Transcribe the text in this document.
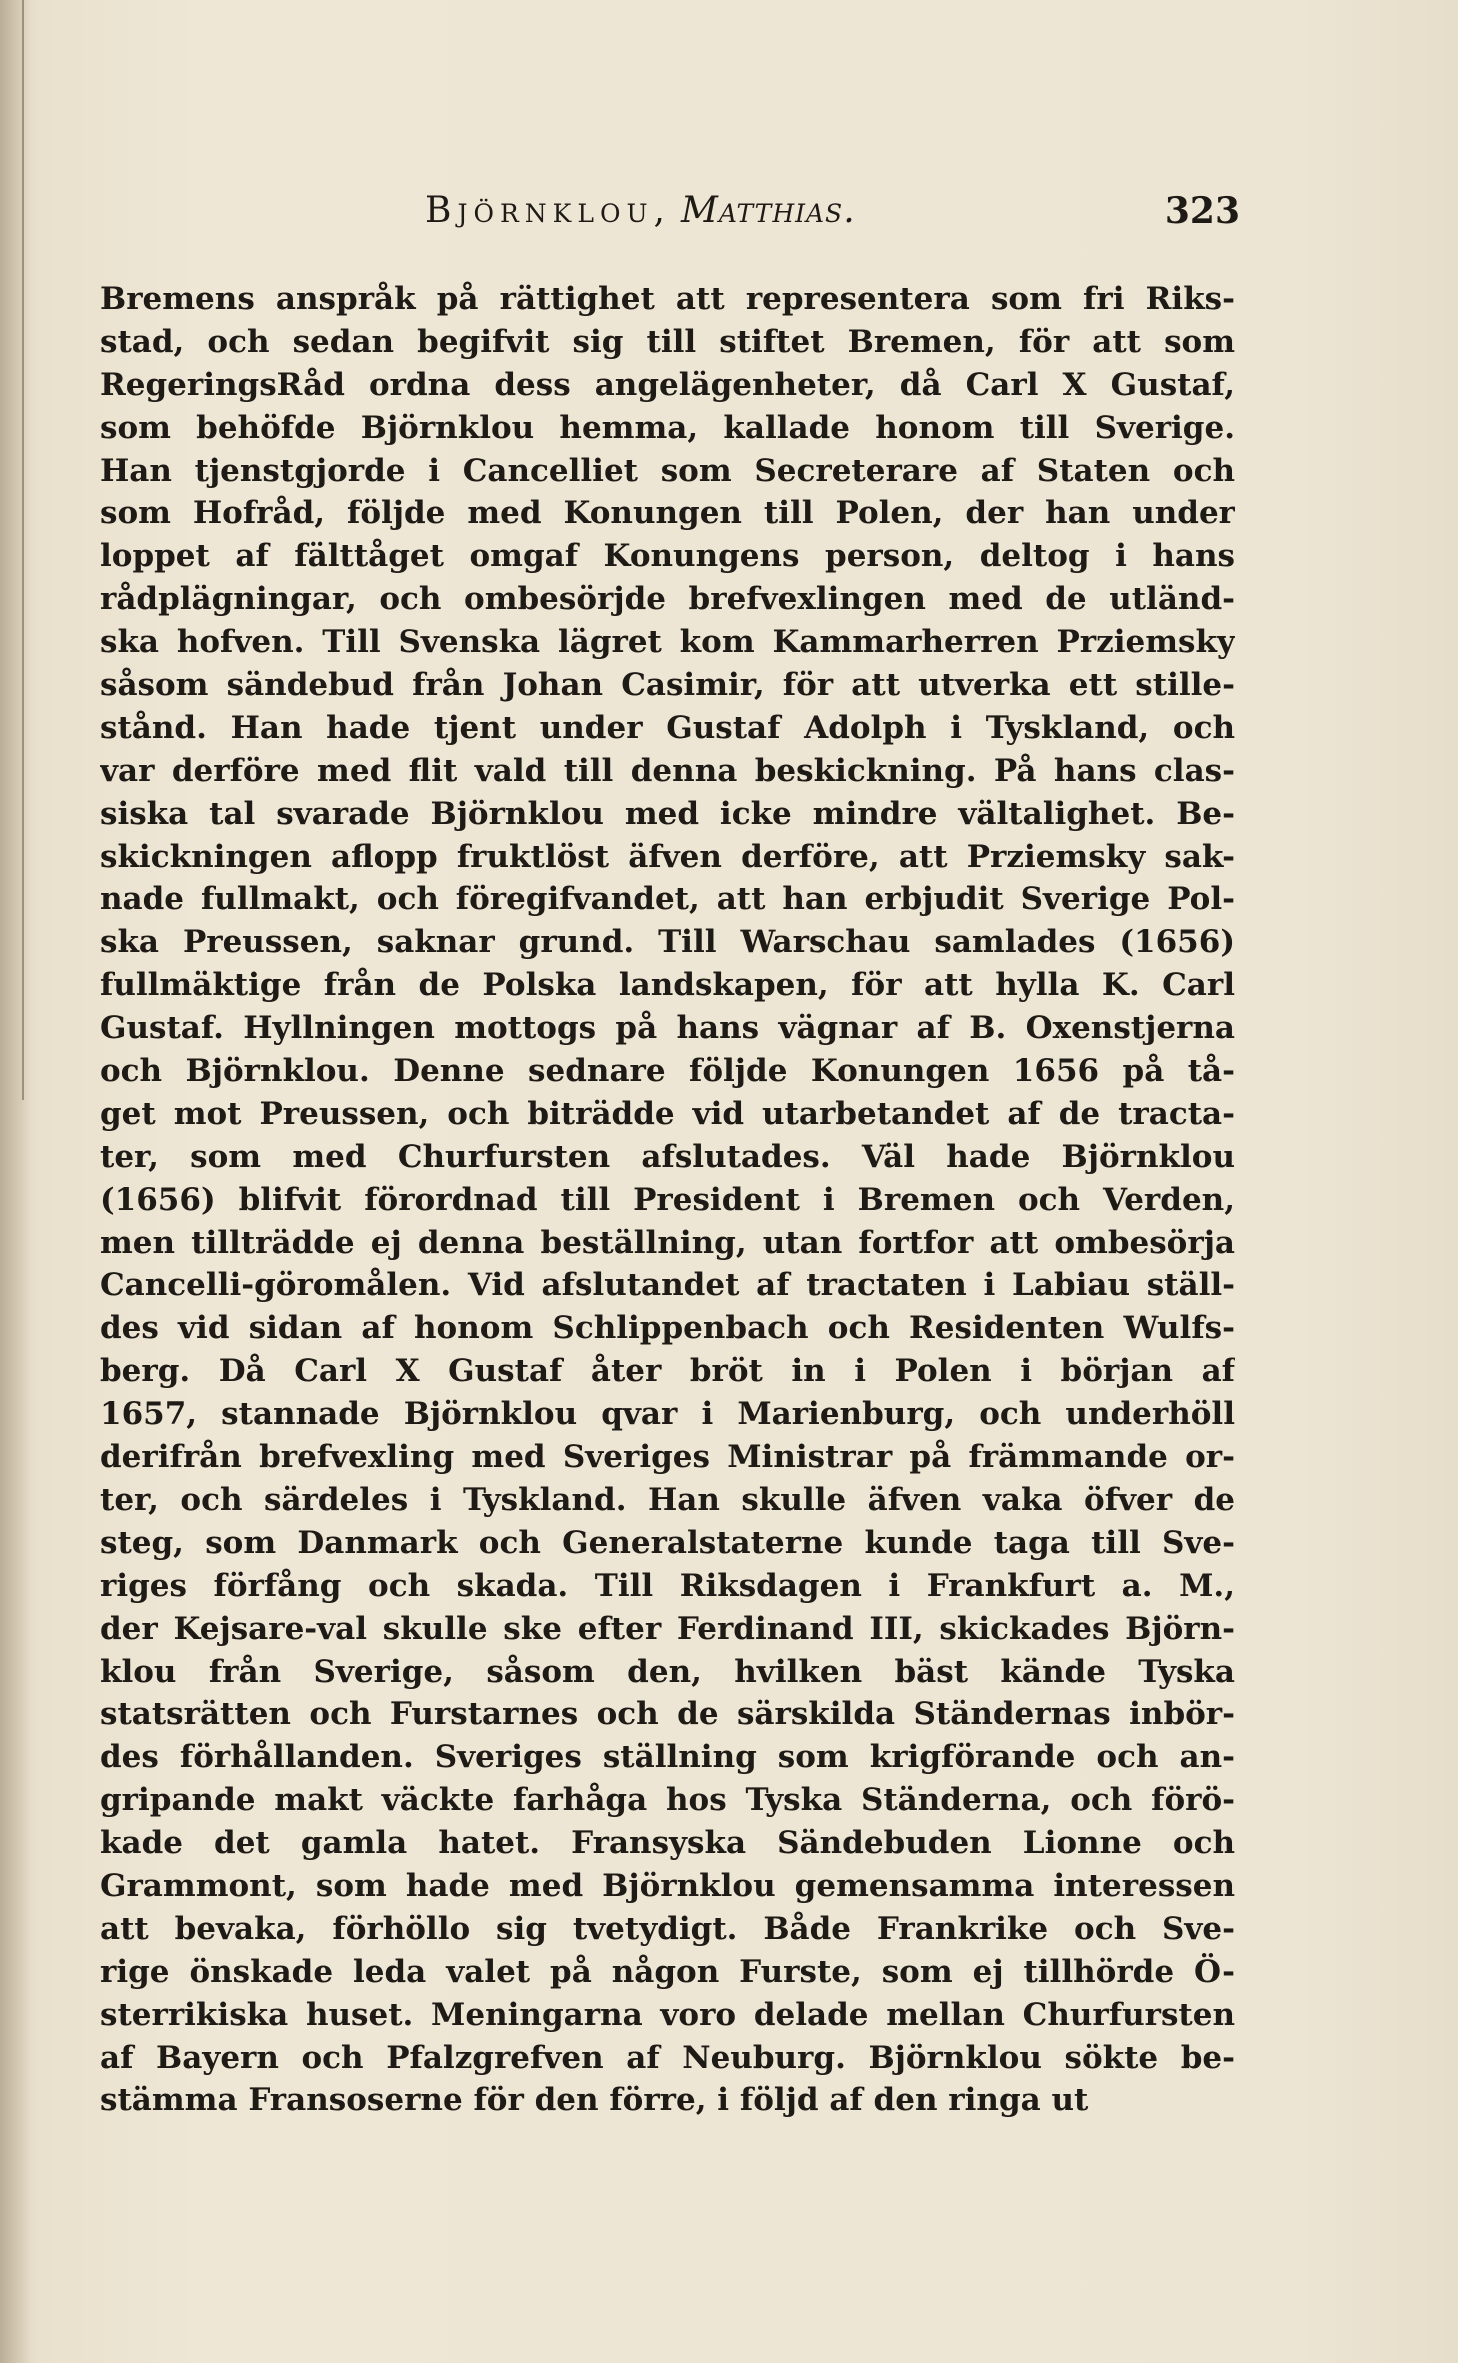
Björnklou, Matthias.	323
Bremens anspråk på rättighet att representera som fri Riks-
stad, och sedan begifvit sig till stiftet Bremen, för att som
RegeringsRåd ordna dess angelägenheter, då Carl X Gustaf,
som behöfde Björnklou hemma, kallade honom till Sverige.
Han tjenstgjorde i Cancelliet som Secreterare af Staten och
som Hofråd, följde med Konungen till Polen, der han under
loppet af fälttåget omgaf Konungens person, deltog i hans
rådplägningar, och ombesörjde brefvexlingen med de utländ-
ska hofven. Till Svenska lägret kom Kammarherren Prziemsky
såsom sändebud från Johan Casimir, för att utverka ett stille-
stånd. Han hade tjent under Gustaf Adolph i Tyskland, och
var derföre med flit vald till denna beskickning. På hans clas-
siska tal svarade Björnklou med icke mindre vältalighet. Be-
skickningen aflopp fruktlöst äfven derföre, att Prziemsky sak-
nade fullmakt, och föregifvandet, att han erbjudit Sverige Pol-
ska Preussen, saknar grund. Till Warschau samlades (1656)
fullmäktige från de Polska landskapen, för att hylla K. Carl
Gustaf. Hyllningen mottogs på hans vägnar af B. Oxenstjerna
och Björnklou. Denne sednare följde Konungen 1656 på tå-
get mot Preussen, och biträdde vid utarbetandet af de tracta-
ter, som med Churfursten afslutades. Väl hade Björnklou
(1656) blifvit förordnad till President i Bremen och Verden,
men tillträdde ej denna beställning, utan fortfor att ombesörja
Cancelli-göromålen. Vid afslutandet af tractaten i Labiau ställ-
des vid sidan af honom Schlippenbach och Residenten Wulfs-
berg. Då Carl X Gustaf åter bröt in i Polen i början af
1657, stannade Björnklou qvar i Marienburg, och underhöll
derifrån brefvexling med Sveriges Ministrar på främmande or-
ter, och särdeles i Tyskland. Han skulle äfven vaka öfver de
steg, som Danmark och Generalstaterne kunde taga till Sve-
riges förfång och skada. Till Riksdagen i Frankfurt a. M.,
der Kejsare-val skulle ske efter Ferdinand III, skickades Björn-
klou från Sverige, såsom den, hvilken bäst kände Tyska
statsrätten och Furstarnes och de särskilda Ständernas inbör-
des förhållanden. Sveriges ställning som krigförande och an-
gripande makt väckte farhåga hos Tyska Ständerna, och förö-
kade det gamla hatet. Fransyska Sändebuden Lionne och
Grammont, som hade med Björnklou gemensamma interessen
att bevaka, förhöllo sig tvetydigt. Både Frankrike och Sve-
rige önskade leda valet på någon Furste, som ej tillhörde Ö-
sterrikiska huset. Meningarna voro delade mellan Churfursten
af Bayern och Pfalzgrefven af Neuburg. Björnklou sökte be-
stämma Fransoserne för den förre, i följd af den ringa ut
